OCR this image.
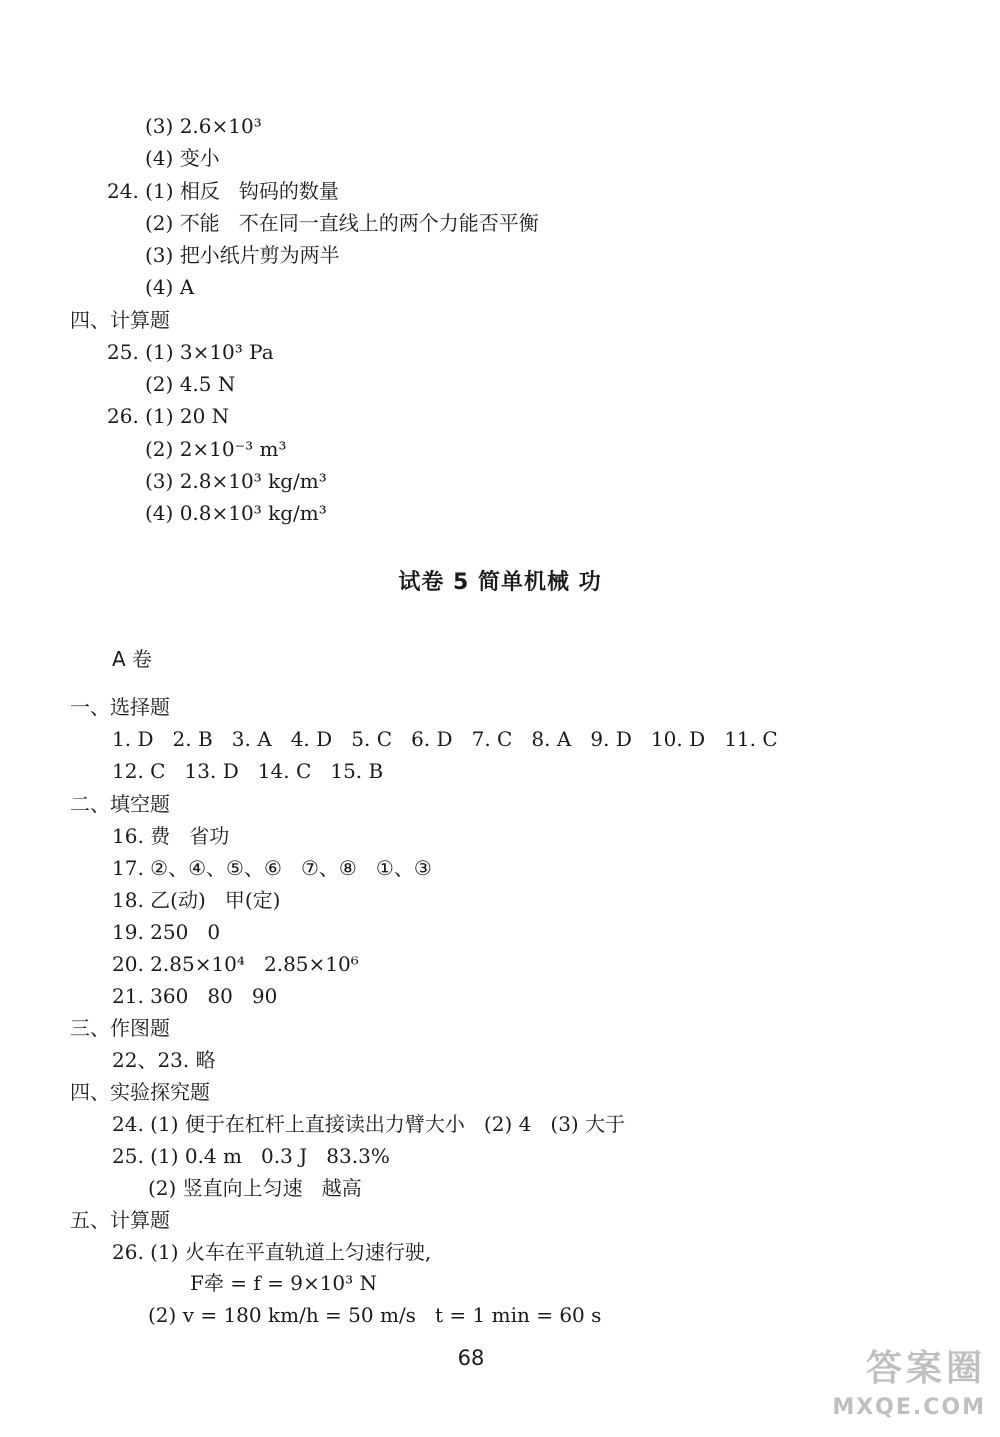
(3) 2.6×10³
(4) 变小
24. (1) 相反   钩码的数量
(2) 不能   不在同一直线上的两个力能否平衡
(3) 把小纸片剪为两半
(4) A
四、计算题
25. (1) 3×10³ Pa
(2) 4.5 N
26. (1) 20 N
(2) 2×10⁻³ m³
(3) 2.8×10³ kg/m³
(4) 0.8×10³ kg/m³
A 卷
一、选择题
1. D   2. B   3. A   4. D   5. C   6. D   7. C   8. A   9. D   10. D   11. C
12. C   13. D   14. C   15. B
二、填空题
16. 费   省功
17. ②、④、⑤、⑥   ⑦、⑧   ①、③
18. 乙(动)   甲(定)
19. 250   0
20. 2.85×10⁴   2.85×10⁶
21. 360   80   90
三、作图题
22、23. 略
四、实验探究题
24. (1) 便于在杠杆上直接读出力臂大小   (2) 4   (3) 大于
25. (1) 0.4 m   0.3 J   83.3%
(2) 竖直向上匀速   越高
五、计算题
26. (1) 火车在平直轨道上匀速行驶,
F牵 = f = 9×10³ N
(2) v = 180 km/h = 50 m/s   t = 1 min = 60 s
试卷 5 简单机械 功
68	答案圈
MXQE.COM
